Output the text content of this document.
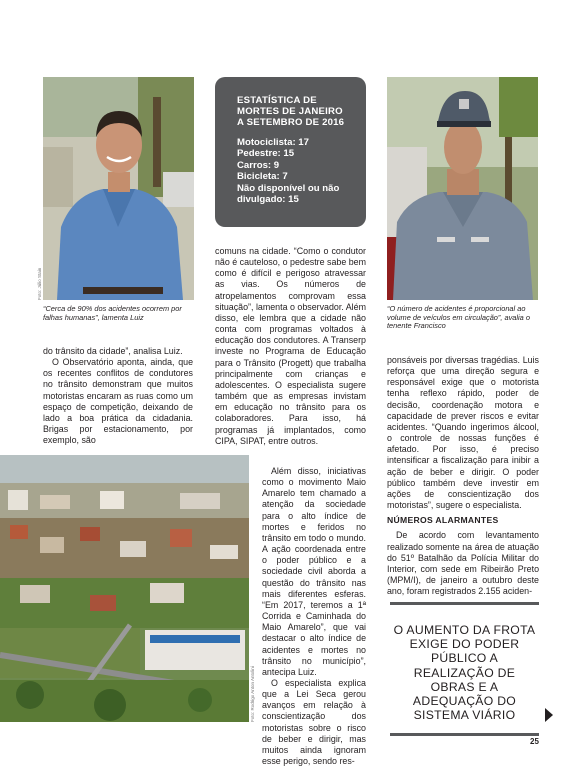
Foto: Júlio Stain
“Cerca de 90% dos acidentes ocorrem por falhas humanas”, lamenta Luiz
ESTATÍSTICA DE
MORTES DE JANEIRO
A SETEMBRO DE 2016
Motociclista: 17
Pedestre: 15
Carros: 9
Bicicleta: 7
Não disponível ou não
divulgado: 15
“O número de acidentes é proporcional ao volume de veículos em circulação”, avalia o tenente Francisco

do trânsito da cidade”, analisa Luiz.

O Observatório aponta, ainda, que os recentes conflitos de condutores no trânsito demonstram que muitos motoristas encaram as ruas como um espaço de competição, deixando de lado a boa prática da cidadania. Brigas por estacionamento, por exemplo, são

comuns na cidade. “Como o condutor não é cauteloso, o pedestre sabe bem como é difícil e perigoso atravessar as vias. Os números de atropelamentos comprovam essa situação”, lamenta o observador. Além disso, ele lembra que a cidade não conta com programas voltados à educação dos condutores. A Transerp investe no Programa de Educação para o Trânsito (Progett) que trabalha principalmente com crianças e adolescentes. O especialista sugere também que as empresas invistam em educação no trânsito para os colaboradores. Para isso, há programas já implantados, como CIPA, SIPAT, entre outros.

Foto: Rodrigo Anton Antolini

Além disso, iniciativas como o movimento Maio Amarelo tem chamado a atenção da sociedade para o alto índice de mortes e feridos no trânsito em todo o mundo. A ação coordenada entre o poder público e a sociedade civil aborda a questão do trânsito nas mais diferentes esferas. “Em 2017, teremos a 1ª Corrida e Caminhada do Maio Amarelo”, que vai destacar o alto índice de acidentes e mortes no trânsito no município”, antecipa Luiz.

O especialista explica que a Lei Seca gerou avanços em relação à conscientização dos motoristas sobre o risco de beber e dirigir, mas muitos ainda ignoram esse perigo, sendo res-

ponsáveis por diversas tragédias. Luis reforça que uma direção segura e responsável exige que o motorista tenha reflexo rápido, poder de decisão, coordenação motora e capacidade de prever riscos e evitar acidentes. “Quando ingerimos álcool, o controle de nossas funções é afetado. Por isso, é preciso intensificar a fiscalização para inibir a ação de beber e dirigir. O poder público também deve investir em ações de conscientização dos motoristas”, sugere o especialista.

NÚMEROS ALARMANTES

De acordo com levantamento realizado somente na área de atuação do 51º Batalhão da Polícia Militar do Interior, com sede em Ribeirão Preto (MPM/I), de janeiro a outubro deste ano, foram registrados 2.155 aciden-

O AUMENTO DA FROTA EXIGE DO PODER PÚBLICO A REALIZAÇÃO DE OBRAS E A ADEQUAÇÃO DO SISTEMA VIÁRIO
25
